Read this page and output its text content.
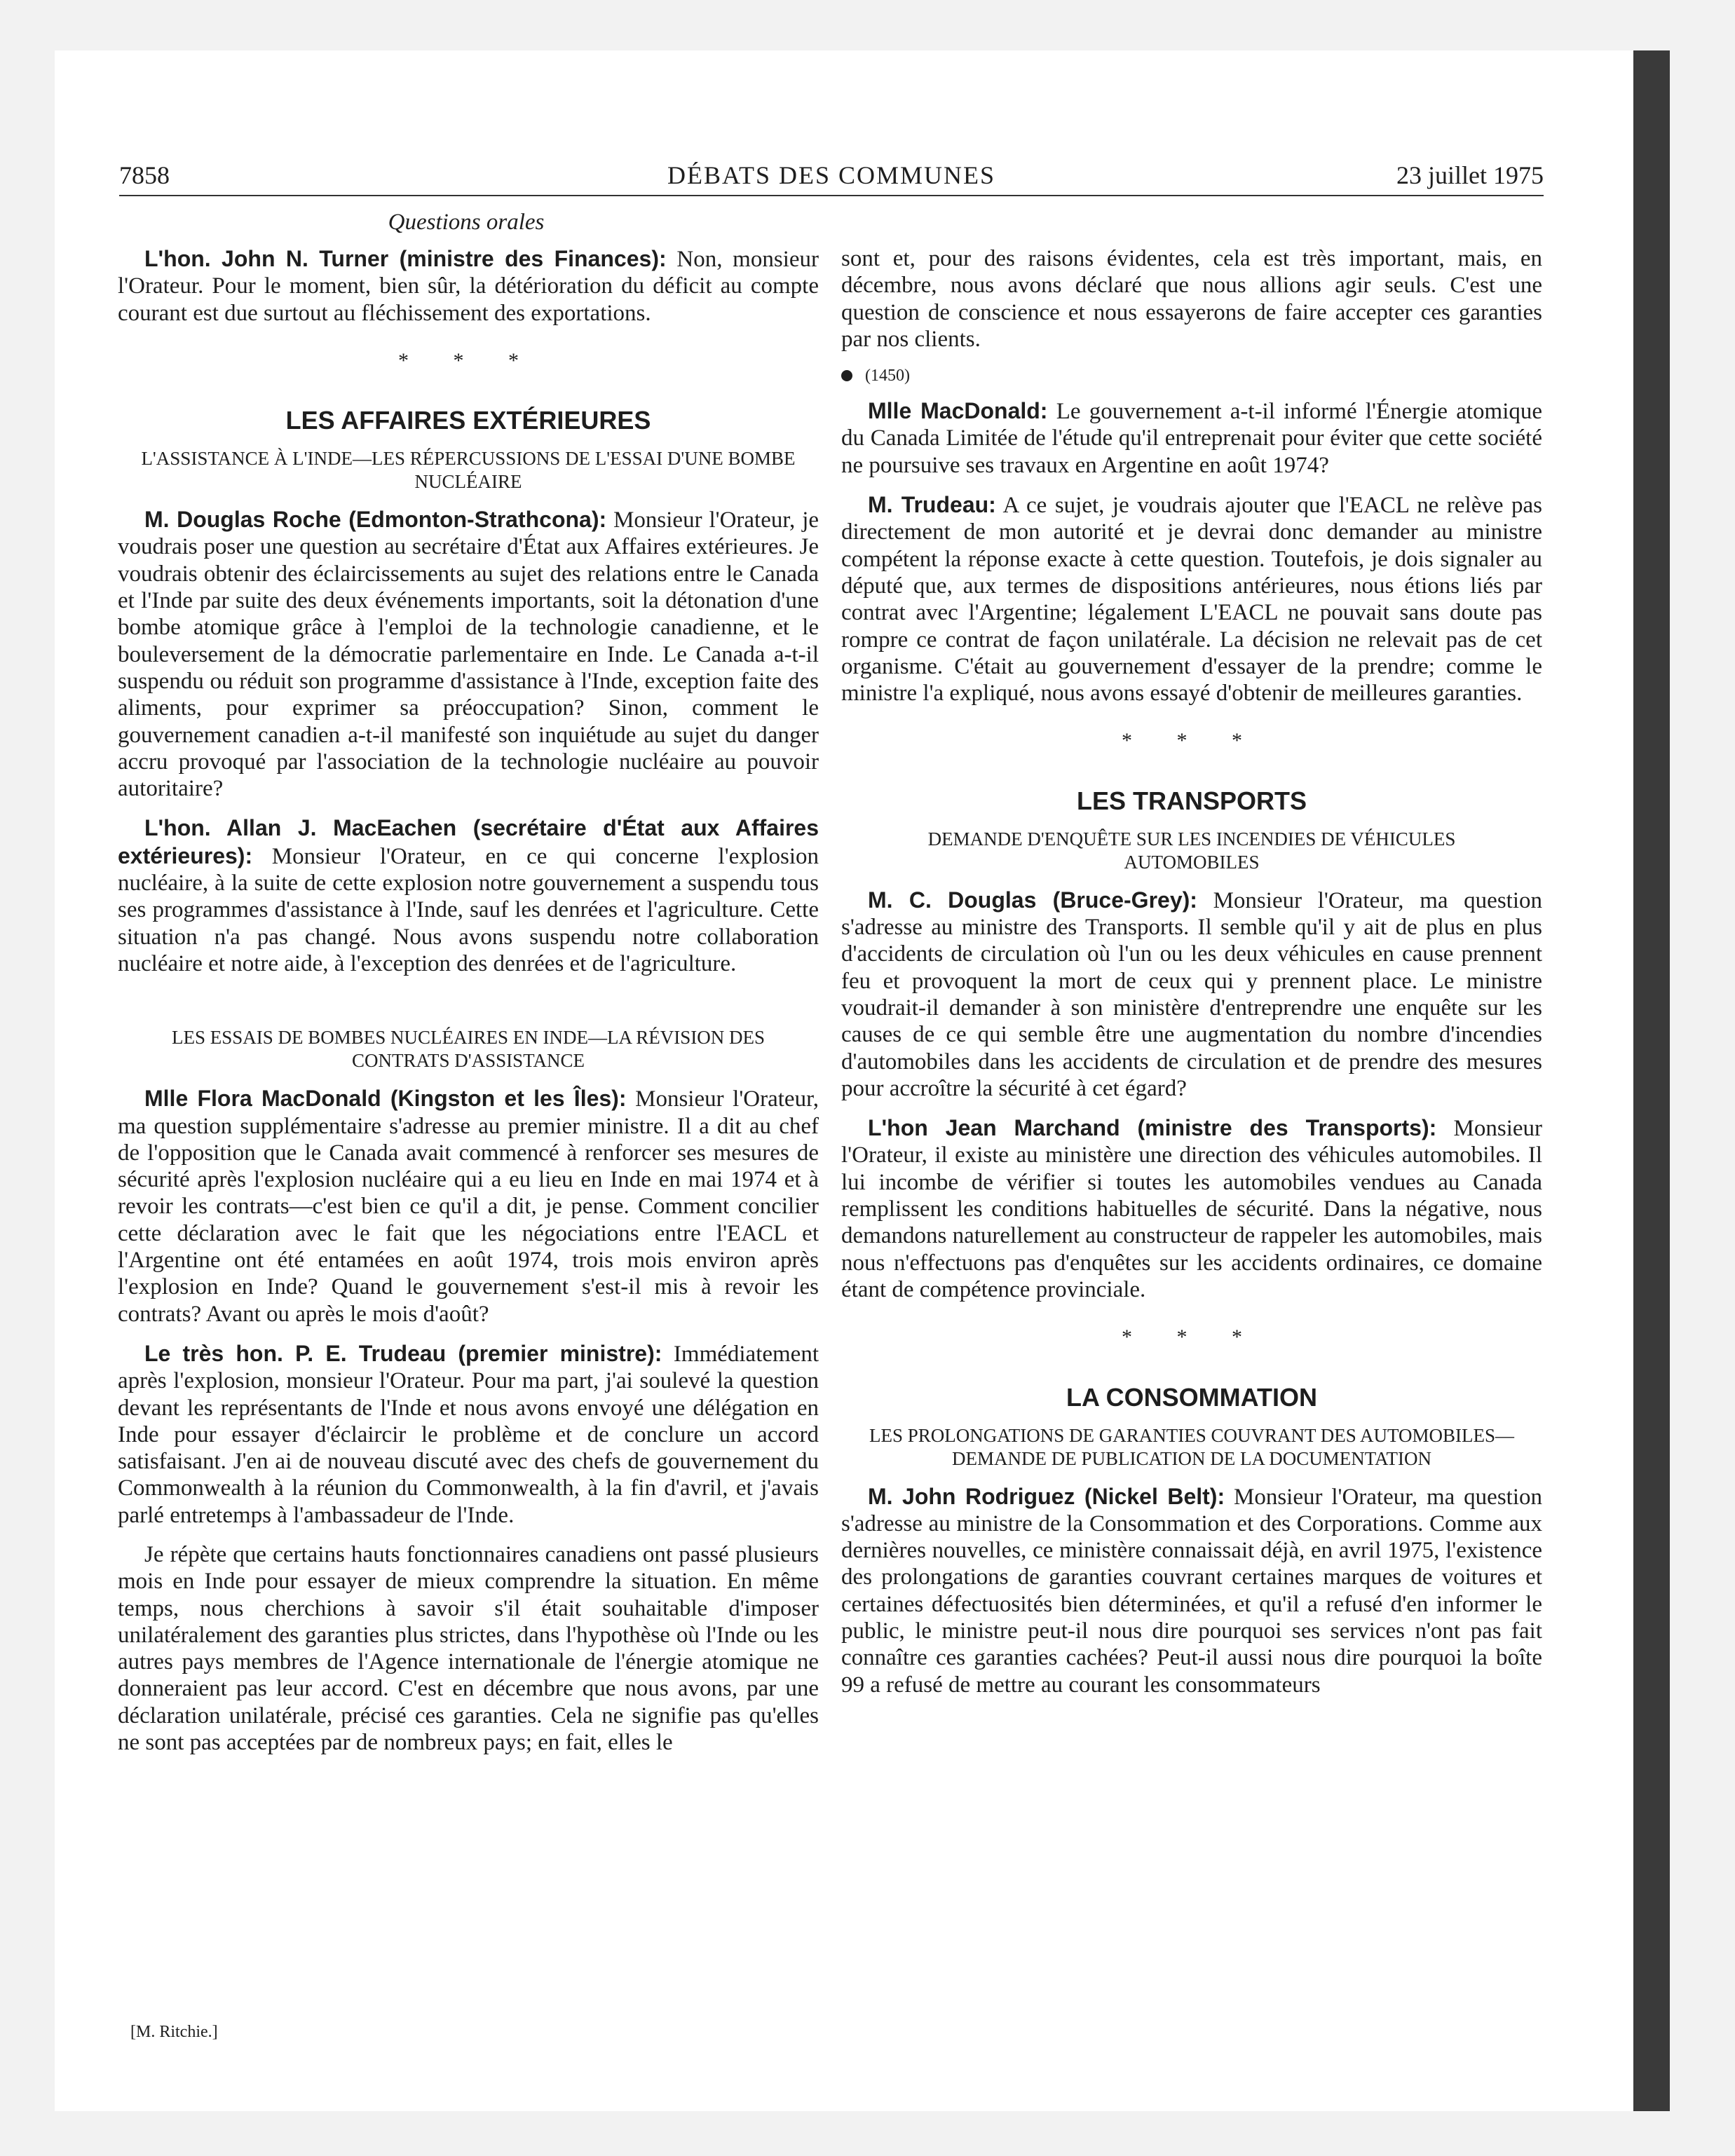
7858	DÉBATS DES COMMUNES	23 juillet 1975
Questions orales

L'hon. John N. Turner (ministre des Finances): Non, monsieur l'Orateur. Pour le moment, bien sûr, la détérioration du déficit au compte courant est due surtout au fléchissement des exportations.

* * *
LES AFFAIRES EXTÉRIEURES
L'ASSISTANCE À L'INDE—LES RÉPERCUSSIONS DE L'ESSAI D'UNE BOMBE NUCLÉAIRE

M. Douglas Roche (Edmonton-Strathcona): Monsieur l'Orateur, je voudrais poser une question au secrétaire d'État aux Affaires extérieures. Je voudrais obtenir des éclaircissements au sujet des relations entre le Canada et l'Inde par suite des deux événements importants, soit la détonation d'une bombe atomique grâce à l'emploi de la technologie canadienne, et le bouleversement de la démocratie parlementaire en Inde. Le Canada a-t-il suspendu ou réduit son programme d'assistance à l'Inde, exception faite des aliments, pour exprimer sa préoccupation? Sinon, comment le gouvernement canadien a-t-il manifesté son inquiétude au sujet du danger accru provoqué par l'association de la technologie nucléaire au pouvoir autoritaire?

L'hon. Allan J. MacEachen (secrétaire d'État aux Affaires extérieures): Monsieur l'Orateur, en ce qui concerne l'explosion nucléaire, à la suite de cette explosion notre gouvernement a suspendu tous ses programmes d'assistance à l'Inde, sauf les denrées et l'agriculture. Cette situation n'a pas changé. Nous avons suspendu notre collaboration nucléaire et notre aide, à l'exception des denrées et de l'agriculture.

LES ESSAIS DE BOMBES NUCLÉAIRES EN INDE—LA RÉVISION DES CONTRATS D'ASSISTANCE

Mlle Flora MacDonald (Kingston et les Îles): Monsieur l'Orateur, ma question supplémentaire s'adresse au premier ministre. Il a dit au chef de l'opposition que le Canada avait commencé à renforcer ses mesures de sécurité après l'explosion nucléaire qui a eu lieu en Inde en mai 1974 et à revoir les contrats—c'est bien ce qu'il a dit, je pense. Comment concilier cette déclaration avec le fait que les négociations entre l'EACL et l'Argentine ont été entamées en août 1974, trois mois environ après l'explosion en Inde? Quand le gouvernement s'est-il mis à revoir les contrats? Avant ou après le mois d'août?

Le très hon. P. E. Trudeau (premier ministre): Immédiatement après l'explosion, monsieur l'Orateur. Pour ma part, j'ai soulevé la question devant les représentants de l'Inde et nous avons envoyé une délégation en Inde pour essayer d'éclaircir le problème et de conclure un accord satisfaisant. J'en ai de nouveau discuté avec des chefs de gouvernement du Commonwealth à la réunion du Commonwealth, à la fin d'avril, et j'avais parlé entretemps à l'ambassadeur de l'Inde.

Je répète que certains hauts fonctionnaires canadiens ont passé plusieurs mois en Inde pour essayer de mieux comprendre la situation. En même temps, nous cherchions à savoir s'il était souhaitable d'imposer unilatéralement des garanties plus strictes, dans l'hypothèse où l'Inde ou les autres pays membres de l'Agence internationale de l'énergie atomique ne donneraient pas leur accord. C'est en décembre que nous avons, par une déclaration unilatérale, précisé ces garanties. Cela ne signifie pas qu'elles ne sont pas acceptées par de nombreux pays; en fait, elles le

sont et, pour des raisons évidentes, cela est très important, mais, en décembre, nous avons déclaré que nous allions agir seuls. C'est une question de conscience et nous essayerons de faire accepter ces garanties par nos clients.

(1450)

Mlle MacDonald: Le gouvernement a-t-il informé l'Énergie atomique du Canada Limitée de l'étude qu'il entreprenait pour éviter que cette société ne poursuive ses travaux en Argentine en août 1974?

M. Trudeau: A ce sujet, je voudrais ajouter que l'EACL ne relève pas directement de mon autorité et je devrai donc demander au ministre compétent la réponse exacte à cette question. Toutefois, je dois signaler au député que, aux termes de dispositions antérieures, nous étions liés par contrat avec l'Argentine; légalement L'EACL ne pouvait sans doute pas rompre ce contrat de façon unilatérale. La décision ne relevait pas de cet organisme. C'était au gouvernement d'essayer de la prendre; comme le ministre l'a expliqué, nous avons essayé d'obtenir de meilleures garanties.

* * *
LES TRANSPORTS
DEMANDE D'ENQUÊTE SUR LES INCENDIES DE VÉHICULES AUTOMOBILES

M. C. Douglas (Bruce-Grey): Monsieur l'Orateur, ma question s'adresse au ministre des Transports. Il semble qu'il y ait de plus en plus d'accidents de circulation où l'un ou les deux véhicules en cause prennent feu et provoquent la mort de ceux qui y prennent place. Le ministre voudrait-il demander à son ministère d'entreprendre une enquête sur les causes de ce qui semble être une augmentation du nombre d'incendies d'automobiles dans les accidents de circulation et de prendre des mesures pour accroître la sécurité à cet égard?

L'hon Jean Marchand (ministre des Transports): Monsieur l'Orateur, il existe au ministère une direction des véhicules automobiles. Il lui incombe de vérifier si toutes les automobiles vendues au Canada remplissent les conditions habituelles de sécurité. Dans la négative, nous demandons naturellement au constructeur de rappeler les automobiles, mais nous n'effectuons pas d'enquêtes sur les accidents ordinaires, ce domaine étant de compétence provinciale.

* * *
LA CONSOMMATION
LES PROLONGATIONS DE GARANTIES COUVRANT DES AUTOMOBILES—DEMANDE DE PUBLICATION DE LA DOCUMENTATION

M. John Rodriguez (Nickel Belt): Monsieur l'Orateur, ma question s'adresse au ministre de la Consommation et des Corporations. Comme aux dernières nouvelles, ce ministère connaissait déjà, en avril 1975, l'existence des prolongations de garanties couvrant certaines marques de voitures et certaines défectuosités bien déterminées, et qu'il a refusé d'en informer le public, le ministre peut-il nous dire pourquoi ses services n'ont pas fait connaître ces garanties cachées? Peut-il aussi nous dire pourquoi la boîte 99 a refusé de mettre au courant les consommateurs

[M. Ritchie.]
